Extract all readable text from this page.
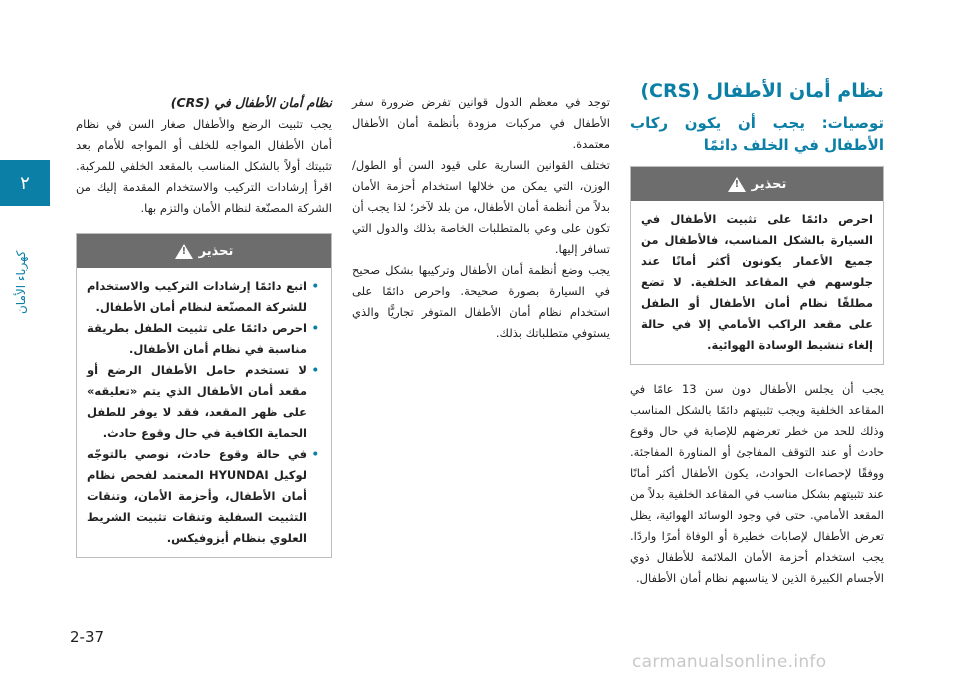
٢
كهرباء الأمان
نظام أمان الأطفال (CRS)
توصيات: يجب أن يكون ركاب الأطفال في الخلف دائمًا
تحذير
!

احرص دائمًا على تثبيت الأطفال في السيارة بالشكل المناسب، فالأطفال من جميع الأعمار يكونون أكثر أمانًا عند جلوسهم في المقاعد الخلفية. لا تضع مطلقًا نظام أمان الأطفال أو الطفل على مقعد الراكب الأمامي إلا في حالة إلغاء تنشيط الوسادة الهوائية.

يجب أن يجلس الأطفال دون سن 13 عامًا في المقاعد الخلفية ويجب تثبيتهم دائمًا بالشكل المناسب وذلك للحد من خطر تعرضهم للإصابة في حال وقوع حادث أو عند التوقف المفاجئ أو المناورة المفاجئة. ووفقًا لإحصاءات الحوادث، يكون الأطفال أكثر أمانًا عند تثبيتهم بشكل مناسب في المقاعد الخلفية بدلاً من المقعد الأمامي. حتى في وجود الوسائد الهوائية، يظل تعرض الأطفال لإصابات خطيرة أو الوفاة أمرًا واردًا. يجب استخدام أحزمة الأمان الملائمة للأطفال ذوي الأجسام الكبيرة الذين لا يناسبهم نظام أمان الأطفال.

توجد في معظم الدول قوانين تفرض ضرورة سفر الأطفال في مركبات مزودة بأنظمة أمان الأطفال معتمدة.

تختلف القوانين السارية على قيود السن أو الطول/ الوزن، التي يمكن من خلالها استخدام أحزمة الأمان بدلاً من أنظمة أمان الأطفال، من بلد لآخر؛ لذا يجب أن تكون على وعي بالمتطلبات الخاصة بذلك والدول التي تسافر إليها.

يجب وضع أنظمة أمان الأطفال وتركيبها بشكل صحيح في السيارة بصورة صحيحة. واحرص دائمًا على استخدام نظام أمان الأطفال المتوفر تجاريًّا والذي يستوفي متطلباتك بذلك.

نظام أمان الأطفال في (CRS)

يجب تثبيت الرضع والأطفال صغار السن في نظام أمان الأطفال المواجه للخلف أو المواجه للأمام بعد تثبيتك أولاً بالشكل المناسب بالمقعد الخلفي للمركبة. اقرأ إرشادات التركيب والاستخدام المقدمة إليك من الشركة المصنّعة لنظام الأمان والتزم بها.

تحذير
!
• اتبع دائمًا إرشادات التركيب والاستخدام للشركة المصنّعة لنظام أمان الأطفال.
• احرص دائمًا على تثبيت الطفل بطريقة مناسبة في نظام أمان الأطفال.
• لا تستخدم حامل الأطفال الرضع أو مقعد أمان الأطفال الذي يتم «تعليقه» على ظهر المقعد، فقد لا يوفر للطفل الحماية الكافية في حال وقوع حادث.
• في حالة وقوع حادث، نوصي بالتوجّه لوكيل HYUNDAI المعتمد لفحص نظام أمان الأطفال، وأحزمة الأمان، وتنقات التثبيت السفلية وتنقات تثبيت الشريط العلوي بنظام أيزوفيكس.
2-37
carmanualsonline.info
